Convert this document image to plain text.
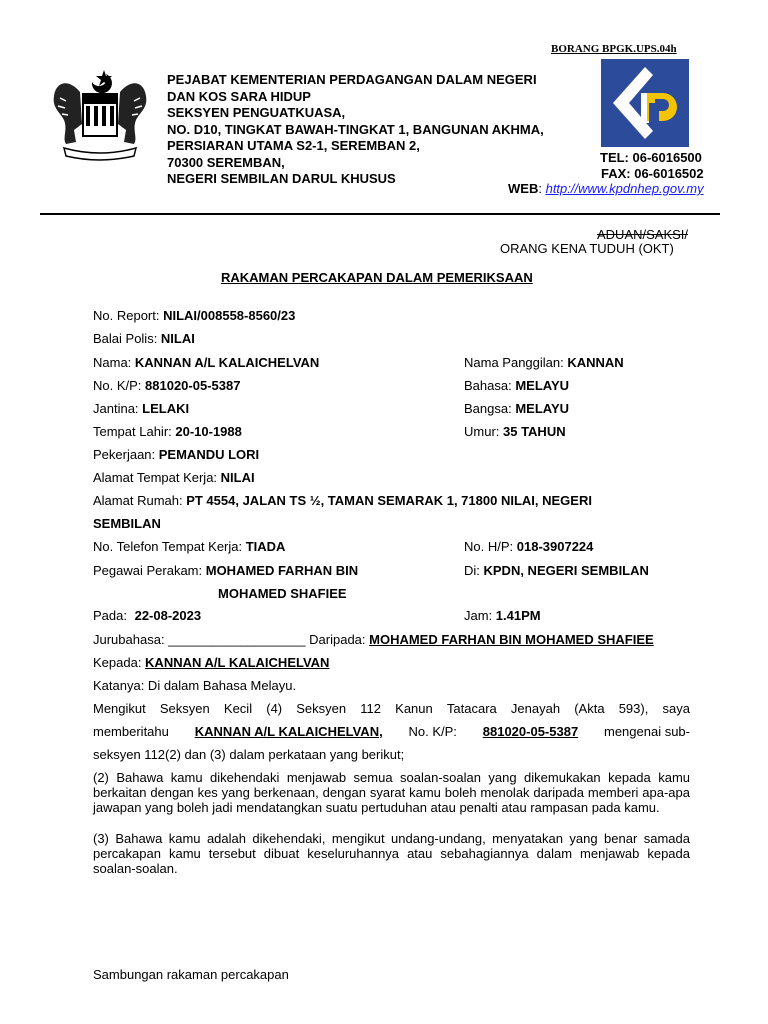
BORANG BPGK.UPS.04h
PEJABAT KEMENTERIAN PERDAGANGAN DALAM NEGERI
DAN KOS SARA HIDUP
SEKSYEN PENGUATKUASA,
NO. D10, TINGKAT BAWAH-TINGKAT 1, BANGUNAN AKHMA,
PERSIARAN UTAMA S2-1, SEREMBAN 2,
70300 SEREMBAN,
NEGERI SEMBILAN DARUL KHUSUS
TEL: 06-6016500
FAX: 06-6016502
WEB: http://www.kpdnhep.gov.my
ADUAN/SAKSI/
ORANG KENA TUDUH (OKT)
RAKAMAN PERCAKAPAN DALAM PEMERIKSAAN
No. Report: NILAI/008558-8560/23
Balai Polis: NILAI
Nama: KANNAN A/L KALAICHELVAN	Nama Panggilan: KANNAN
No. K/P: 881020-05-5387	Bahasa: MELAYU
Jantina: LELAKI	Bangsa: MELAYU
Tempat Lahir: 20-10-1988	Umur: 35 TAHUN
Pekerjaan: PEMANDU LORI
Alamat Tempat Kerja: NILAI
Alamat Rumah: PT 4554, JALAN TS ½, TAMAN SEMARAK 1, 71800 NILAI, NEGERI
SEMBILAN
No. Telefon Tempat Kerja: TIADA	No. H/P: 018-3907224
Pegawai Perakam: MOHAMED FARHAN BIN
MOHAMED SHAFIEE
Di: KPDN, NEGERI SEMBILAN
Pada: 22-08-2023	Jam: 1.41PM
Jurubahasa: ___________________ Daripada: MOHAMED FARHAN BIN MOHAMED SHAFIEE
Kepada: KANNAN A/L KALAICHELVAN
Katanya: Di dalam Bahasa Melayu.
Mengikut Seksyen Kecil (4) Seksyen 112 Kanun Tatacara Jenayah (Akta 593), saya
memberitahu KANNAN A/L KALAICHELVAN, No. K/P: 881020-05-5387 mengenai sub-
seksyen 112(2) dan (3) dalam perkataan yang berikut;
(2) Bahawa kamu dikehendaki menjawab semua soalan-soalan yang dikemukakan kepada kamu berkaitan dengan kes yang berkenaan, dengan syarat kamu boleh menolak daripada memberi apa-apa jawapan yang boleh jadi mendatangkan suatu pertuduhan atau penalti atau rampasan pada kamu.
(3) Bahawa kamu adalah dikehendaki, mengikut undang-undang, menyatakan yang benar samada percakapan kamu tersebut dibuat keseluruhannya atau sebahagiannya dalam menjawab kepada soalan-soalan.
Sambungan rakaman percakapan
